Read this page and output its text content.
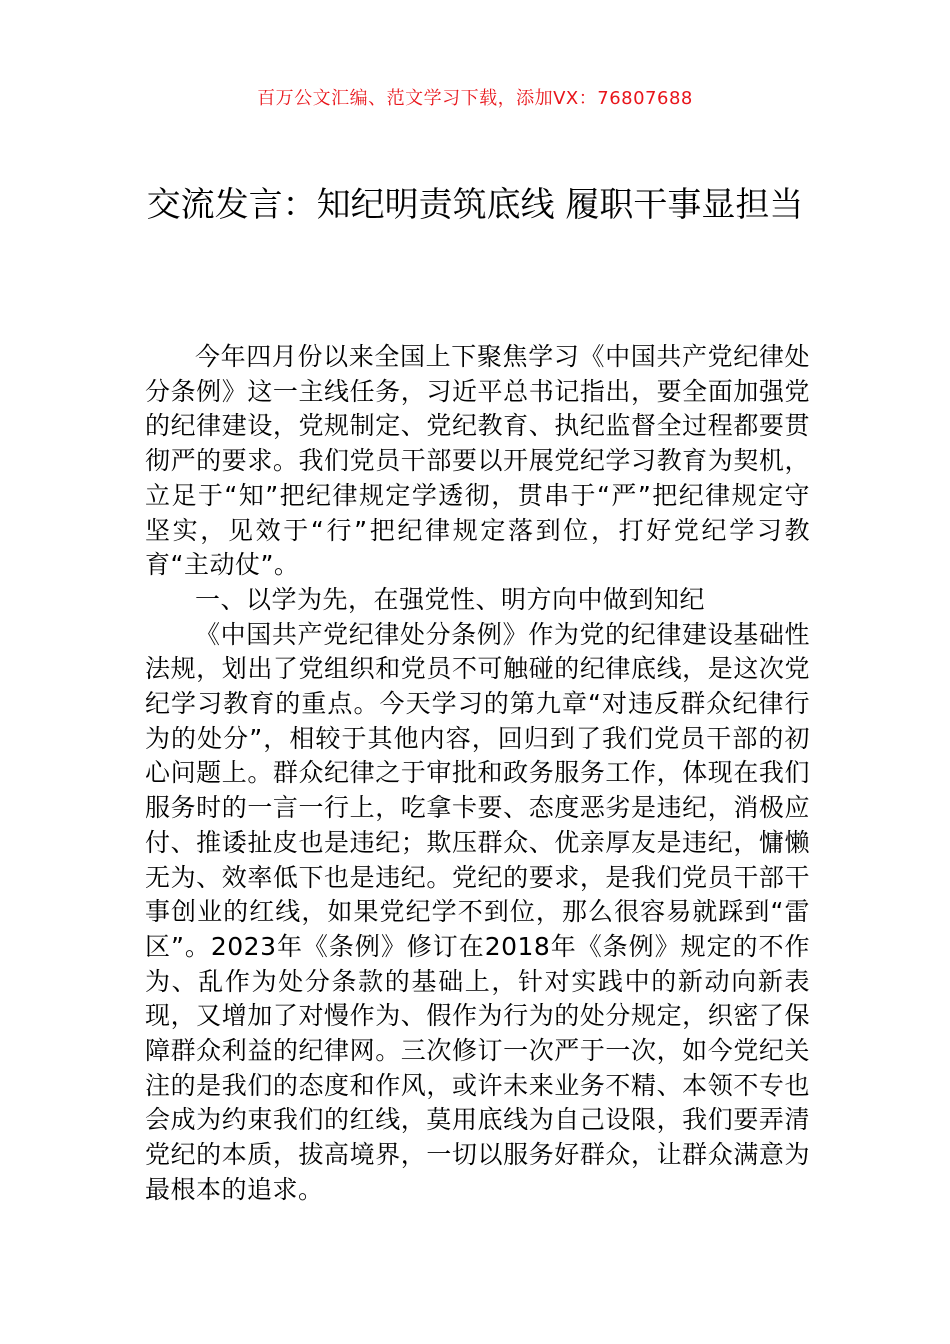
百万公文汇编、范文学习下载，添加VX：76807688
交流发言：知纪明责筑底线 履职干事显担当

今年四月份以来全国上下聚焦学习《中国共产党纪律处分条例》这一主线任务，习近平总书记指出，要全面加强党的纪律建设，党规制定、党纪教育、执纪监督全过程都要贯彻严的要求。我们党员干部要以开展党纪学习教育为契机，立足于“知”把纪律规定学透彻，贯串于“严”把纪律规定守坚实，见效于“行”把纪律规定落到位，打好党纪学习教育“主动仗”。

一、以学为先，在强党性、明方向中做到知纪

《中国共产党纪律处分条例》作为党的纪律建设基础性法规，划出了党组织和党员不可触碰的纪律底线，是这次党纪学习教育的重点。今天学习的第九章“对违反群众纪律行为的处分”，相较于其他内容，回归到了我们党员干部的初心问题上。群众纪律之于审批和政务服务工作，体现在我们服务时的一言一行上，吃拿卡要、态度恶劣是违纪，消极应付、推诿扯皮也是违纪；欺压群众、优亲厚友是违纪，慵懒无为、效率低下也是违纪。党纪的要求，是我们党员干部干事创业的红线，如果党纪学不到位，那么很容易就踩到“雷区”。2023年《条例》修订在2018年《条例》规定的不作为、乱作为处分条款的基础上，针对实践中的新动向新表现，又增加了对慢作为、假作为行为的处分规定，织密了保障群众利益的纪律网。三次修订一次严于一次，如今党纪关注的是我们的态度和作风，或许未来业务不精、本领不专也会成为约束我们的红线，莫用底线为自己设限，我们要弄清党纪的本质，拔高境界，一切以服务好群众，让群众满意为最根本的追求。
